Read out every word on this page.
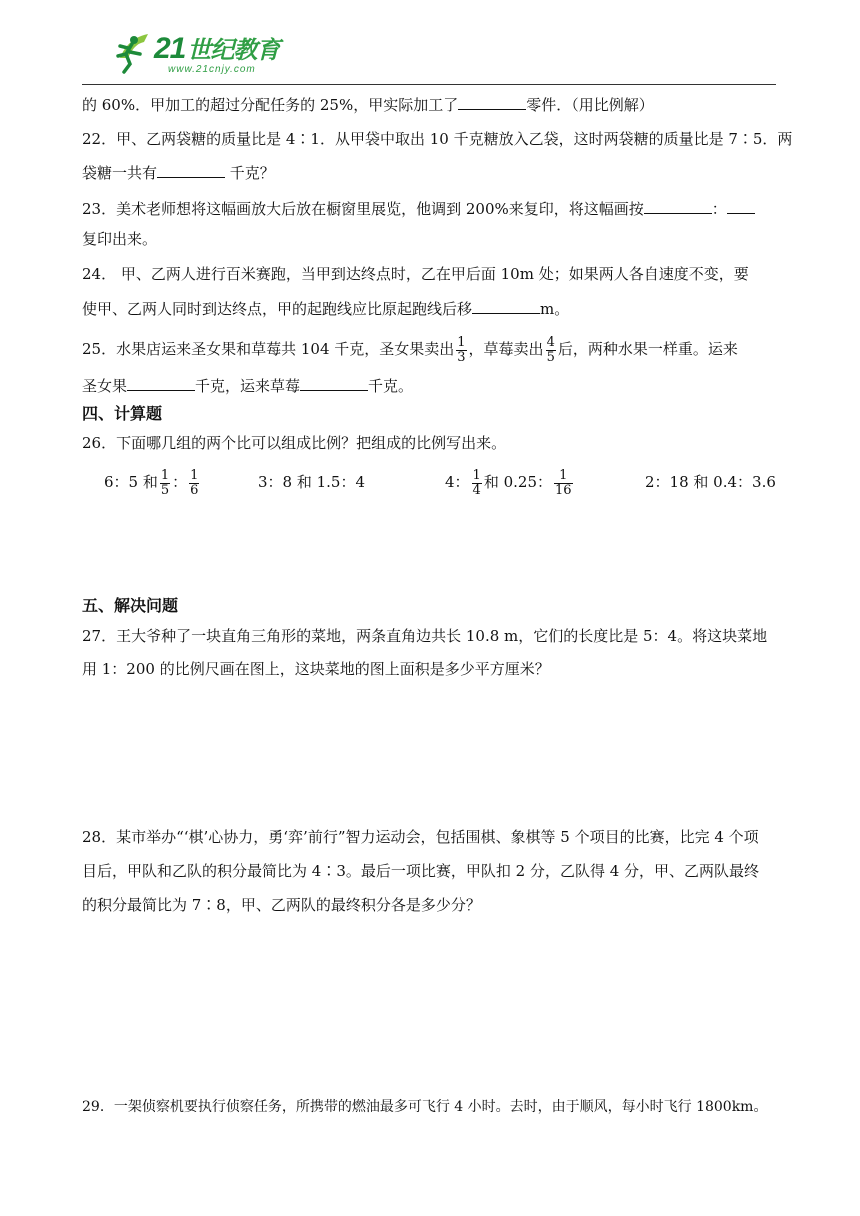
21世纪教育
www.21cnjy.com
的 60%．甲加工的超过分配任务的 25%，甲实际加工了	零件．（用比例解）
22．甲、乙两袋糖的质量比是 4∶1．从甲袋中取出 10 千克糖放入乙袋，这时两袋糖的质量比是 7∶5．两
袋糖一共有	千克？
23．美术老师想将这幅画放大后放在橱窗里展览，他调到 200%来复印，将这幅画按	：
复印出来。
24． 甲、乙两人进行百米赛跑，当甲到达终点时，乙在甲后面 10m 处；如果两人各自速度不变，要
使甲、乙两人同时到达终点，甲的起跑线应比原起跑线后移	m。
25．水果店运来圣女果和草莓共 104 千克，圣女果卖出 $\frac{1}{3}$ ，草莓卖出 $\frac{4}{5}$ 后，两种水果一样重。运来
圣女果	千克，运来草莓	千克。
四、计算题
26．下面哪几组的两个比可以组成比例？把组成的比例写出来。
6：5 和 $\frac{1}{5}$ ： $\frac{1}{6}$	3：8 和 1.5：4	4： $\frac{1}{4}$ 和 0.25： $\frac{1}{16}$	2：18 和 0.4：3.6
五、解决问题
27．王大爷种了一块直角三角形的菜地，两条直角边共长 10.8 m，它们的长度比是 5：4。将这块菜地
用 1：200 的比例尺画在图上，这块菜地的图上面积是多少平方厘米？
28．某市举办“‘棋’心协力，勇‘弈’前行”智力运动会，包括围棋、象棋等 5 个项目的比赛，比完 4 个项
目后，甲队和乙队的积分最简比为 4∶3。最后一项比赛，甲队扣 2 分，乙队得 4 分，甲、乙两队最终
的积分最简比为 7∶8，甲、乙两队的最终积分各是多少分？
29．一架侦察机要执行侦察任务，所携带的燃油最多可飞行 4 小时。去时，由于顺风，每小时飞行 1800km。
